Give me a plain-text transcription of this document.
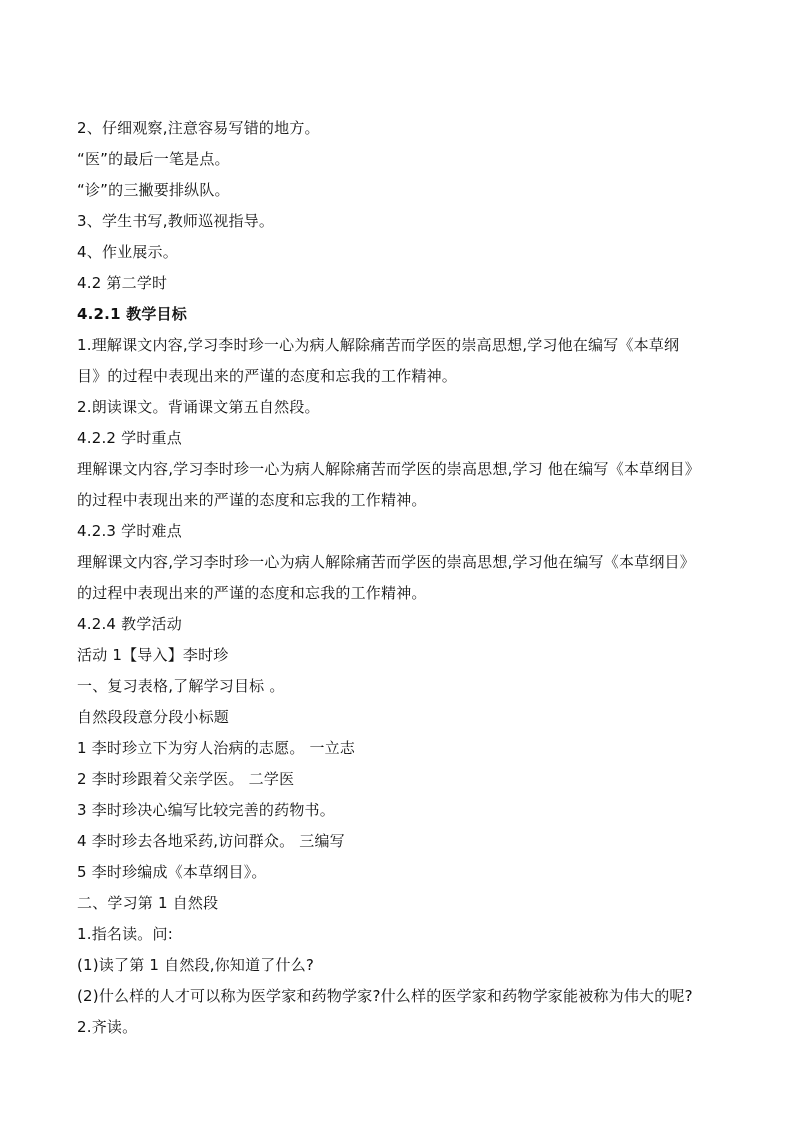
2、仔细观察,注意容易写错的地方。
“医”的最后一笔是点。
“诊”的三撇要排纵队。
3、学生书写,教师巡视指导。
4、作业展示。
4.2 第二学时
4.2.1 教学目标
1.理解课文内容,学习李时珍一心为病人解除痛苦而学医的崇高思想,学习他在编写《本草纲
目》的过程中表现出来的严谨的态度和忘我的工作精神。
2.朗读课文。背诵课文第五自然段。
4.2.2 学时重点
理解课文内容,学习李时珍一心为病人解除痛苦而学医的崇高思想,学习 他在编写《本草纲目》
的过程中表现出来的严谨的态度和忘我的工作精神。
4.2.3 学时难点
理解课文内容,学习李时珍一心为病人解除痛苦而学医的崇高思想,学习他在编写《本草纲目》
的过程中表现出来的严谨的态度和忘我的工作精神。
4.2.4 教学活动
活动 1【导入】李时珍
一、复习表格,了解学习目标 。
自然段段意分段小标题
1 李时珍立下为穷人治病的志愿。 一立志
2 李时珍跟着父亲学医。 二学医
3 李时珍决心编写比较完善的药物书。
4 李时珍去各地采药,访问群众。 三编写
5 李时珍编成《本草纲目》。
二、学习第 1 自然段
1.指名读。问:
(1)读了第 1 自然段,你知道了什么?
(2)什么样的人才可以称为医学家和药物学家?什么样的医学家和药物学家能被称为伟大的呢?
2.齐读。
